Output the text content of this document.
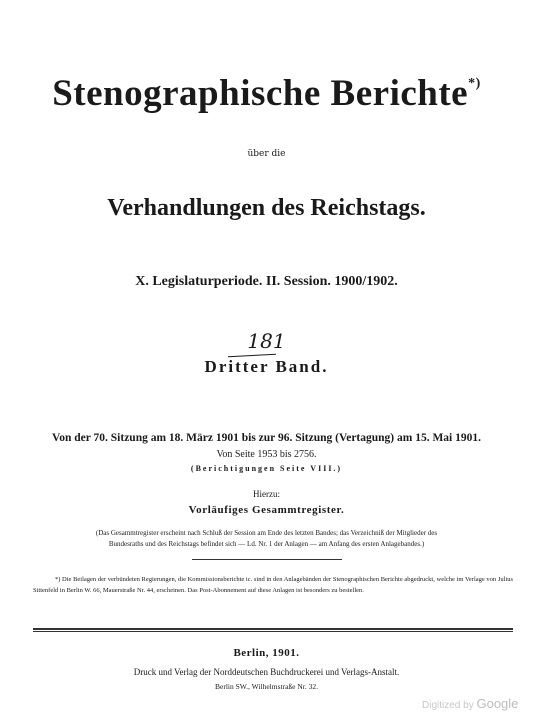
Stenographische Berichte*)
über die
Verhandlungen des Reichstags.
X. Legislaturperiode. II. Session. 1900/1902.
181
Dritter Band.
Von der 70. Sitzung am 18. März 1901 bis zur 96. Sitzung (Vertagung) am 15. Mai 1901.
Von Seite 1953 bis 2756.
(Berichtigungen Seite VIII.)
Hierzu:
Vorläufiges Gesammtregister.
(Das Gesammtregister erscheint nach Schluß der Session am Ende des letzten Bandes; das Verzeichniß der Mitglieder des
Bundesraths und des Reichstags befindet sich — Ld. Nr. 1 der Anlagen — am Anfang des ersten Anlagebandes.)
*) Die Beilagen der verbündeten Regierungen, die Kommissionsberichte ic. sind in den Anlagebänden der Stenographischen Berichte abgedruckt, welche im Verlage von Julius Sittenfeld in Berlin W. 66, Mauerstraße Nr. 44, erscheinen. Das Post-Abonnement auf diese Anlagen ist besonders zu bestellen.
Berlin, 1901.
Druck und Verlag der Norddeutschen Buchdruckerei und Verlags-Anstalt.
Berlin SW., Wilhelmstraße Nr. 32.
Digitized by Google
